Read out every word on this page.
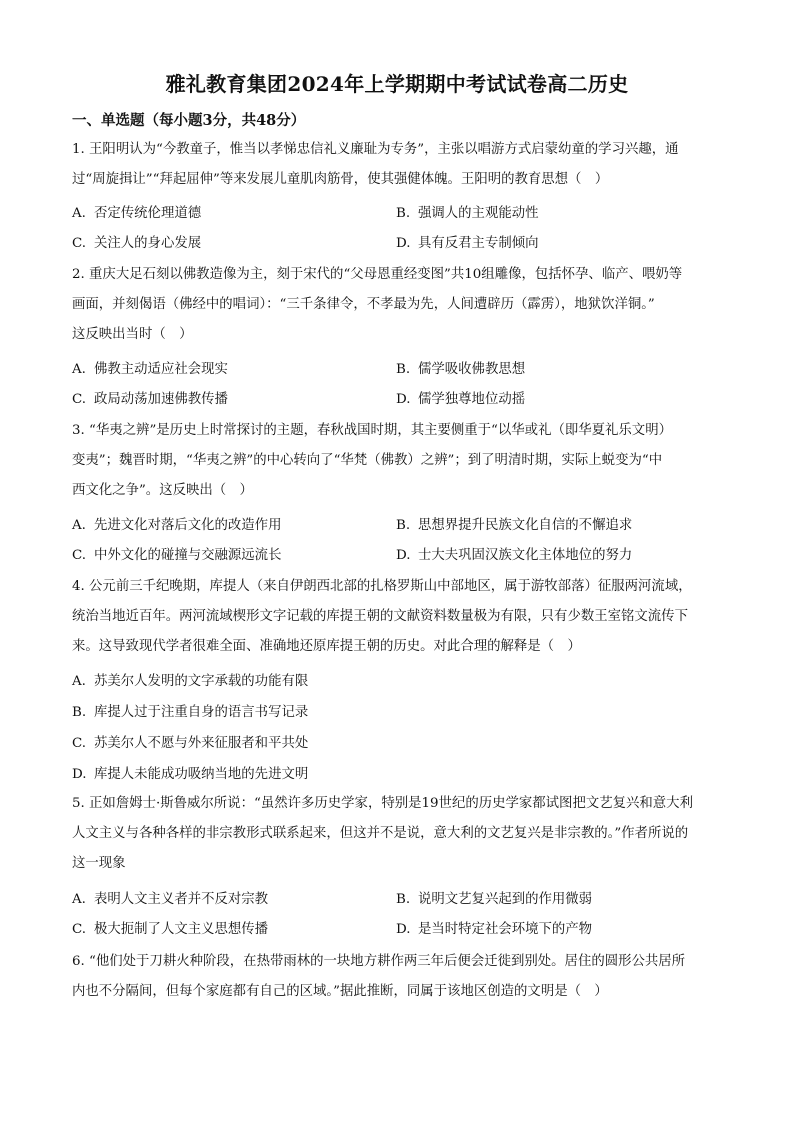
雅礼教育集团2024年上学期期中考试试卷高二历史
一、单选题（每小题3分，共48分）

1. 王阳明认为“今教童子，惟当以孝悌忠信礼义廉耻为专务”，主张以唱游方式启蒙幼童的学习兴趣，通

过“周旋揖让”“拜起屈伸”等来发展儿童肌肉筋骨，使其强健体魄。王阳明的教育思想（　）

A. 否定传统伦理道德	B. 强调人的主观能动性
C. 关注人的身心发展	D. 具有反君主专制倾向

2. 重庆大足石刻以佛教造像为主，刻于宋代的“父母恩重经变图”共10组雕像，包括怀孕、临产、喂奶等

画面，并刻偈语（佛经中的唱词）：“三千条律令，不孝最为先，人间遭辟历（霹雳），地狱饮洋铜。”

这反映出当时（　）

A. 佛教主动适应社会现实	B. 儒学吸收佛教思想
C. 政局动荡加速佛教传播	D. 儒学独尊地位动摇

3. “华夷之辨”是历史上时常探讨的主题，春秋战国时期，其主要侧重于“以华或礼（即华夏礼乐文明）

变夷”；魏晋时期，“华夷之辨”的中心转向了“华梵（佛教）之辨”；到了明清时期，实际上蜕变为“中

西文化之争”。这反映出（　）

A. 先进文化对落后文化的改造作用	B. 思想界提升民族文化自信的不懈追求
C. 中外文化的碰撞与交融源远流长	D. 士大夫巩固汉族文化主体地位的努力

4. 公元前三千纪晚期，库提人（来自伊朗西北部的扎格罗斯山中部地区，属于游牧部落）征服两河流域，

统治当地近百年。两河流域楔形文字记载的库提王朝的文献资料数量极为有限，只有少数王室铭文流传下

来。这导致现代学者很难全面、准确地还原库提王朝的历史。对此合理的解释是（　）

A. 苏美尔人发明的文字承载的功能有限
B. 库提人过于注重自身的语言书写记录
C. 苏美尔人不愿与外来征服者和平共处
D. 库提人未能成功吸纳当地的先进文明

5. 正如詹姆士·斯鲁威尔所说：“虽然许多历史学家，特别是19世纪的历史学家都试图把文艺复兴和意大利

人文主义与各种各样的非宗教形式联系起来，但这并不是说，意大利的文艺复兴是非宗教的。”作者所说的

这一现象

A. 表明人文主义者并不反对宗教	B. 说明文艺复兴起到的作用微弱
C. 极大扼制了人文主义思想传播	D. 是当时特定社会环境下的产物

6. “他们处于刀耕火种阶段，在热带雨林的一块地方耕作两三年后便会迁徙到别处。居住的圆形公共居所

内也不分隔间，但每个家庭都有自己的区域。”据此推断，同属于该地区创造的文明是（　）
